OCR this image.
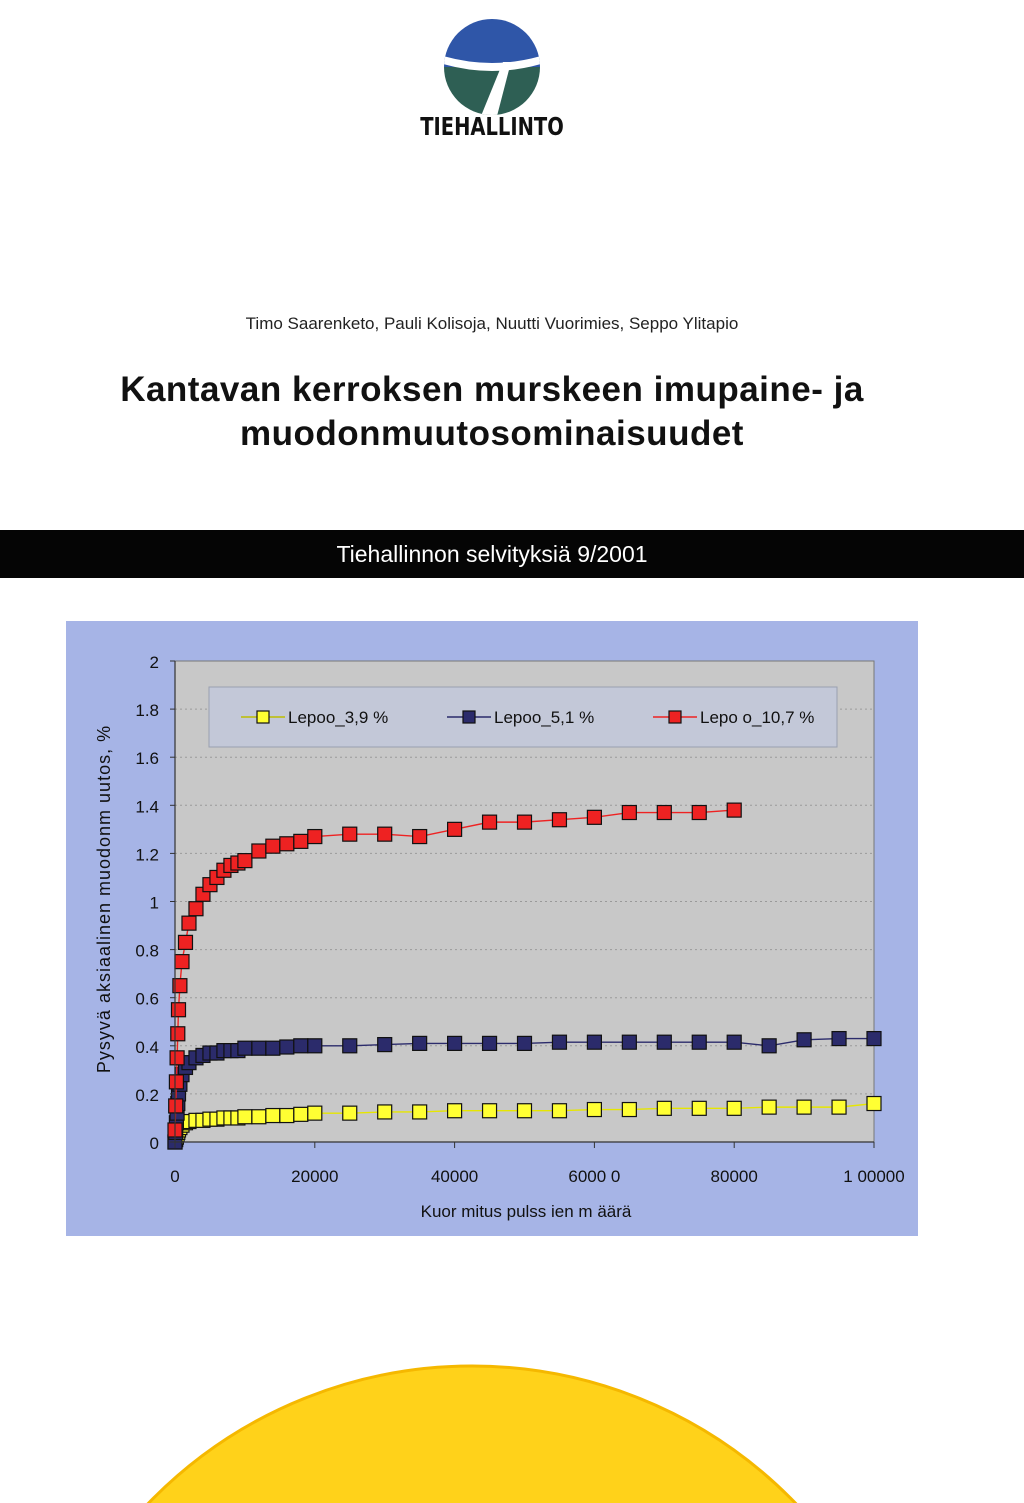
TIEHALLINTO
Timo Saarenketo, Pauli Kolisoja, Nuutti Vuorimies, Seppo Ylitapio
Kantavan kerroksen murskeen imupaine- ja
muodonmuutosominaisuudet
Tiehallinnon selvityksiä 9/2001
0
0.2
0.4
0.6
0.8
1
1.2
1.4
1.6
1.8
2
0	20000	40000	6000 0	80000	1 00000
Lepoo_3,9 %	Lepoo_5,1 %	Lepo o_10,7 %
Pysyvä aksiaalinen muodonm uutos, %
Kuor mitus pulss ien m äärä
